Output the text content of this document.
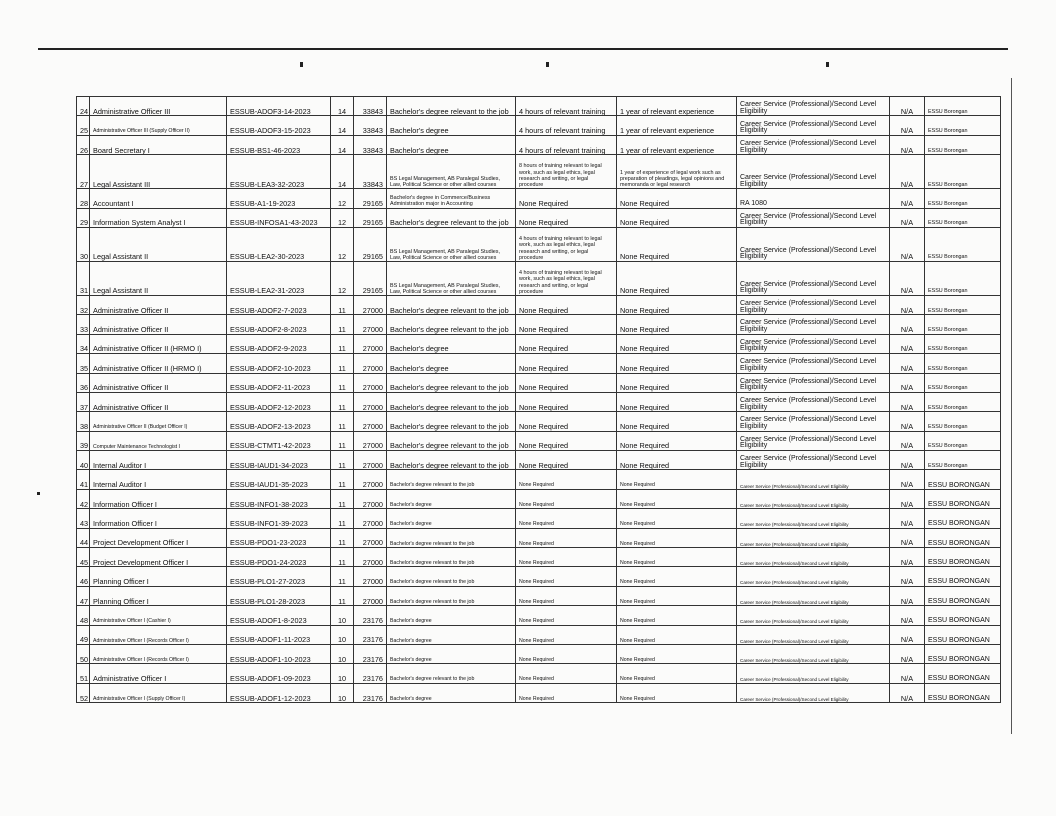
24	Administrative Officer III	ESSUB-ADOF3-14-2023	14	33843	Bachelor's degree relevant to the job	4 hours of relevant training	1 year of relevant experience	Career Service (Professional)/Second Level Eligibility	N/A	ESSU Borongan
25	Administrative Officer III (Supply Officer II)	ESSUB-ADOF3-15-2023	14	33843	Bachelor's degree	4 hours of relevant training	1 year of relevant experience	Career Service (Professional)/Second Level Eligibility	N/A	ESSU Borongan
26	Board Secretary I	ESSUB-BS1-46-2023	14	33843	Bachelor's degree	4 hours of relevant training	1 year of relevant experience	Career Service (Professional)/Second Level Eligibility	N/A	ESSU Borongan
27	Legal Assistant III	ESSUB-LEA3-32-2023	14	33843	BS Legal Management, AB Paralegal Studies, Law, Political Science or other allied courses	8 hours of training relevant to legal work, such as legal ethics, legal research and writing, or legal procedure	1 year of experience of legal work such as preparation of pleadings, legal opinions and memoranda or legal research	Career Service (Professional)/Second Level Eligibility	N/A	ESSU Borongan
28	Accountant I	ESSUB-A1-19-2023	12	29165	Bachelor's degree in Commerce/Business Administration major in Accounting	None Required	None Required	RA 1080	N/A	ESSU Borongan
29	Information System Analyst I	ESSUB-INFOSA1-43-2023	12	29165	Bachelor's degree relevant to the job	None Required	None Required	Career Service (Professional)/Second Level Eligibility	N/A	ESSU Borongan
30	Legal Assistant II	ESSUB-LEA2-30-2023	12	29165	BS Legal Management, AB Paralegal Studies, Law, Political Science or other allied courses	4 hours of training relevant to legal work, such as legal ethics, legal research and writing, or legal procedure	None Required	Career Service (Professional)/Second Level Eligibility	N/A	ESSU Borongan
31	Legal Assistant II	ESSUB-LEA2-31-2023	12	29165	BS Legal Management, AB Paralegal Studies, Law, Political Science or other allied courses	4 hours of training relevant to legal work, such as legal ethics, legal research and writing, or legal procedure	None Required	Career Service (Professional)/Second Level Eligibility	N/A	ESSU Borongan
32	Administrative Officer II	ESSUB-ADOF2-7-2023	11	27000	Bachelor's degree relevant to the job	None Required	None Required	Career Service (Professional)/Second Level Eligibility	N/A	ESSU Borongan
33	Administrative Officer II	ESSUB-ADOF2-8-2023	11	27000	Bachelor's degree relevant to the job	None Required	None Required	Career Service (Professional)/Second Level Eligibility	N/A	ESSU Borongan
34	Administrative Officer II (HRMO I)	ESSUB-ADOF2-9-2023	11	27000	Bachelor's degree	None Required	None Required	Career Service (Professional)/Second Level Eligibility	N/A	ESSU Borongan
35	Administrative Officer II (HRMO I)	ESSUB-ADOF2-10-2023	11	27000	Bachelor's degree	None Required	None Required	Career Service (Professional)/Second Level Eligibility	N/A	ESSU Borongan
36	Administrative Officer II	ESSUB-ADOF2-11-2023	11	27000	Bachelor's degree relevant to the job	None Required	None Required	Career Service (Professional)/Second Level Eligibility	N/A	ESSU Borongan
37	Administrative Officer II	ESSUB-ADOF2-12-2023	11	27000	Bachelor's degree relevant to the job	None Required	None Required	Career Service (Professional)/Second Level Eligibility	N/A	ESSU Borongan
38	Administrative Officer II (Budget Officer I)	ESSUB-ADOF2-13-2023	11	27000	Bachelor's degree relevant to the job	None Required	None Required	Career Service (Professional)/Second Level Eligibility	N/A	ESSU Borongan
39	Computer Maintenance Technologist I	ESSUB-CTMT1-42-2023	11	27000	Bachelor's degree relevant to the job	None Required	None Required	Career Service (Professional)/Second Level Eligibility	N/A	ESSU Borongan
40	Internal Auditor I	ESSUB-IAUD1-34-2023	11	27000	Bachelor's degree relevant to the job	None Required	None Required	Career Service (Professional)/Second Level Eligibility	N/A	ESSU Borongan
41	Internal Auditor I	ESSUB-IAUD1-35-2023	11	27000	Bachelor's degree relevant to the job	None Required	None Required	Career Service (Professional)/Second Level Eligibility	N/A	ESSU BORONGAN
42	Information Officer I	ESSUB-INFO1-38-2023	11	27000	Bachelor's degree	None Required	None Required	Career Service (Professional)/Second Level Eligibility	N/A	ESSU BORONGAN
43	Information Officer I	ESSUB-INFO1-39-2023	11	27000	Bachelor's degree	None Required	None Required	Career Service (Professional)/Second Level Eligibility	N/A	ESSU BORONGAN
44	Project Development Officer I	ESSUB-PDO1-23-2023	11	27000	Bachelor's degree relevant to the job	None Required	None Required	Career Service (Professional)/Second Level Eligibility	N/A	ESSU BORONGAN
45	Project Development Officer I	ESSUB-PDO1-24-2023	11	27000	Bachelor's degree relevant to the job	None Required	None Required	Career Service (Professional)/Second Level Eligibility	N/A	ESSU BORONGAN
46	Planning Officer I	ESSUB-PLO1-27-2023	11	27000	Bachelor's degree relevant to the job	None Required	None Required	Career Service (Professional)/Second Level Eligibility	N/A	ESSU BORONGAN
47	Planning Officer I	ESSUB-PLO1-28-2023	11	27000	Bachelor's degree relevant to the job	None Required	None Required	Career Service (Professional)/Second Level Eligibility	N/A	ESSU BORONGAN
48	Administrative Officer I (Cashier I)	ESSUB-ADOF1-8-2023	10	23176	Bachelor's degree	None Required	None Required	Career Service (Professional)/Second Level Eligibility	N/A	ESSU BORONGAN
49	Administrative Officer I (Records Officer I)	ESSUB-ADOF1-11-2023	10	23176	Bachelor's degree	None Required	None Required	Career Service (Professional)/Second Level Eligibility	N/A	ESSU BORONGAN
50	Administrative Officer I (Records Officer I)	ESSUB-ADOF1-10-2023	10	23176	Bachelor's degree	None Required	None Required	Career Service (Professional)/Second Level Eligibility	N/A	ESSU BORONGAN
51	Administrative Officer I	ESSUB-ADOF1-09-2023	10	23176	Bachelor's degree relevant to the job	None Required	None Required	Career Service (Professional)/Second Level Eligibility	N/A	ESSU BORONGAN
52	Administrative Officer I (Supply Officer I)	ESSUB-ADOF1-12-2023	10	23176	Bachelor's degree	None Required	None Required	Career Service (Professional)/Second Level Eligibility	N/A	ESSU BORONGAN
